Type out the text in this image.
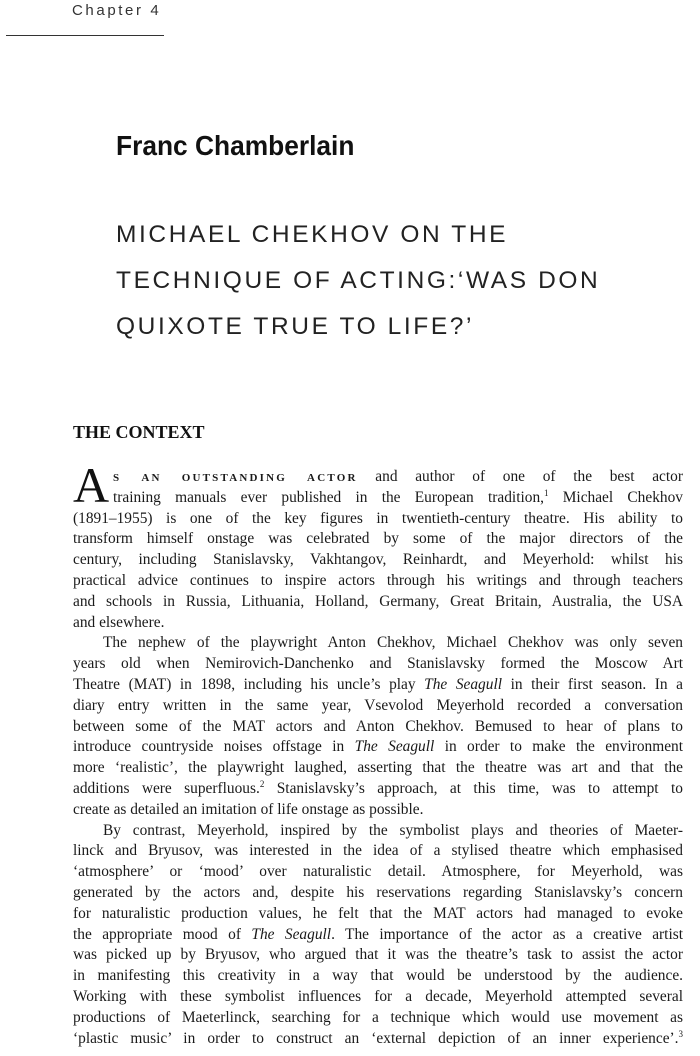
Chapter 4
Franc Chamberlain
MICHAEL CHEKHOV ON THE
TECHNIQUE OF ACTING:‘WAS DON
QUIXOTE TRUE TO LIFE?’
THE CONTEXT
A s an outstanding actor and author of one of the best actor
training manuals ever published in the European tradition,$^1$ Michael Chekhov
(1891–1955) is one of the key figures in twentieth-century theatre. His ability to
transform himself onstage was celebrated by some of the major directors of the
century, including Stanislavsky, Vakhtangov, Reinhardt, and Meyerhold: whilst his
practical advice continues to inspire actors through his writings and through teachers
and schools in Russia, Lithuania, Holland, Germany, Great Britain, Australia, the USA
and elsewhere.
The nephew of the playwright Anton Chekhov, Michael Chekhov was only seven
years old when Nemirovich-Danchenko and Stanislavsky formed the Moscow Art
Theatre (MAT) in 1898, including his uncle’s play The Seagull in their first season. In a
diary entry written in the same year, Vsevolod Meyerhold recorded a conversation
between some of the MAT actors and Anton Chekhov. Bemused to hear of plans to
introduce countryside noises offstage in The Seagull in order to make the environment
more ‘realistic’, the playwright laughed, asserting that the theatre was art and that the
additions were superfluous.$^2$ Stanislavsky’s approach, at this time, was to attempt to
create as detailed an imitation of life onstage as possible.
By contrast, Meyerhold, inspired by the symbolist plays and theories of Maeter-
linck and Bryusov, was interested in the idea of a stylised theatre which emphasised
‘atmosphere’ or ‘mood’ over naturalistic detail. Atmosphere, for Meyerhold, was
generated by the actors and, despite his reservations regarding Stanislavsky’s concern
for naturalistic production values, he felt that the MAT actors had managed to evoke
the appropriate mood of The Seagull. The importance of the actor as a creative artist
was picked up by Bryusov, who argued that it was the theatre’s task to assist the actor
in manifesting this creativity in a way that would be understood by the audience.
Working with these symbolist influences for a decade, Meyerhold attempted several
productions of Maeterlinck, searching for a technique which would use movement as
‘plastic music’ in order to construct an ‘external depiction of an inner experience’.$^3$
